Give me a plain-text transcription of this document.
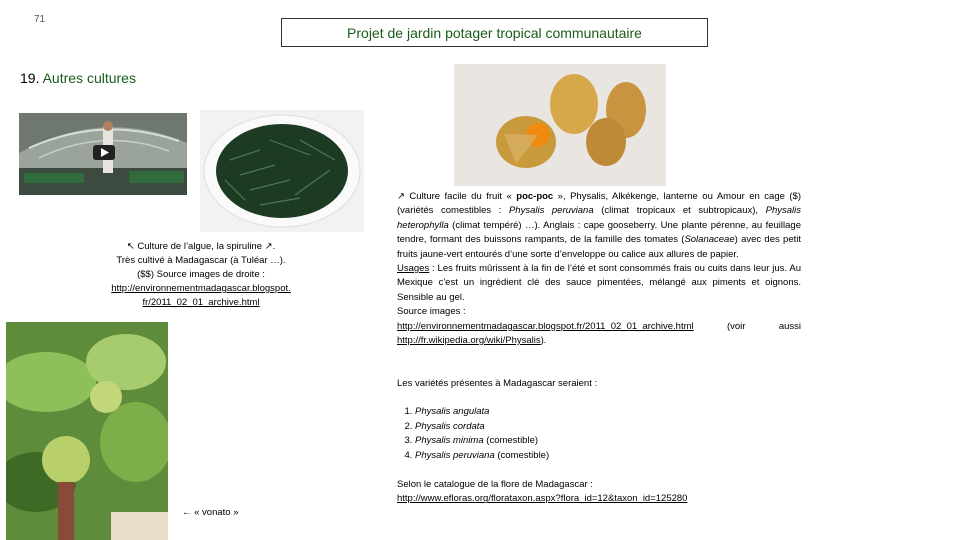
71
Projet de jardin potager tropical communautaire
19. Autres cultures
↖ Culture de l’algue, la spiruline ↗.
Très cultivé à Madagascar (à Tuléar …).
($$) Source images de droite :
http://environnementmadagascar.blogspot.
fr/2011_02_01_archive.html

↗ Culture facile du fruit « poc-poc », Physalis, Alkékenge, lanterne ou Amour en cage ($) (variétés comestibles : Physalis peruviana (climat tropicaux et subtropicaux), Physalis heterophylla (climat tempéré) …). Anglais : cape gooseberry. Une plante pérenne, au feuillage tendre, formant des buissons rampants, de la famille des tomates (Solanaceae) avec des petit fruits jaune-vert entourés d’une sorte d’enveloppe ou calice aux allures de papier.

Usages : Les fruits mûrissent à la fin de l’été et sont consommés frais ou cuits dans leur jus. Au Mexique c'est un ingrédient clé des sauce pimentées, mélangé aux piments et oignons. Sensible au gel.

Source images :

http://environnementmadagascar.blogspot.fr/2011_02_01_archive.html (voir aussi http://fr.wikipedia.org/wiki/Physalis).

Les variétés présentes à Madagascar seraient :
1. Physalis angulata
2. Physalis cordata
3. Physalis minima (comestible)
4. Physalis peruviana (comestible)
Selon le catalogue de la flore de Madagascar :
http://www.efloras.org/florataxon.aspx?flora_id=12&taxon_id=125280
← « vonato »
